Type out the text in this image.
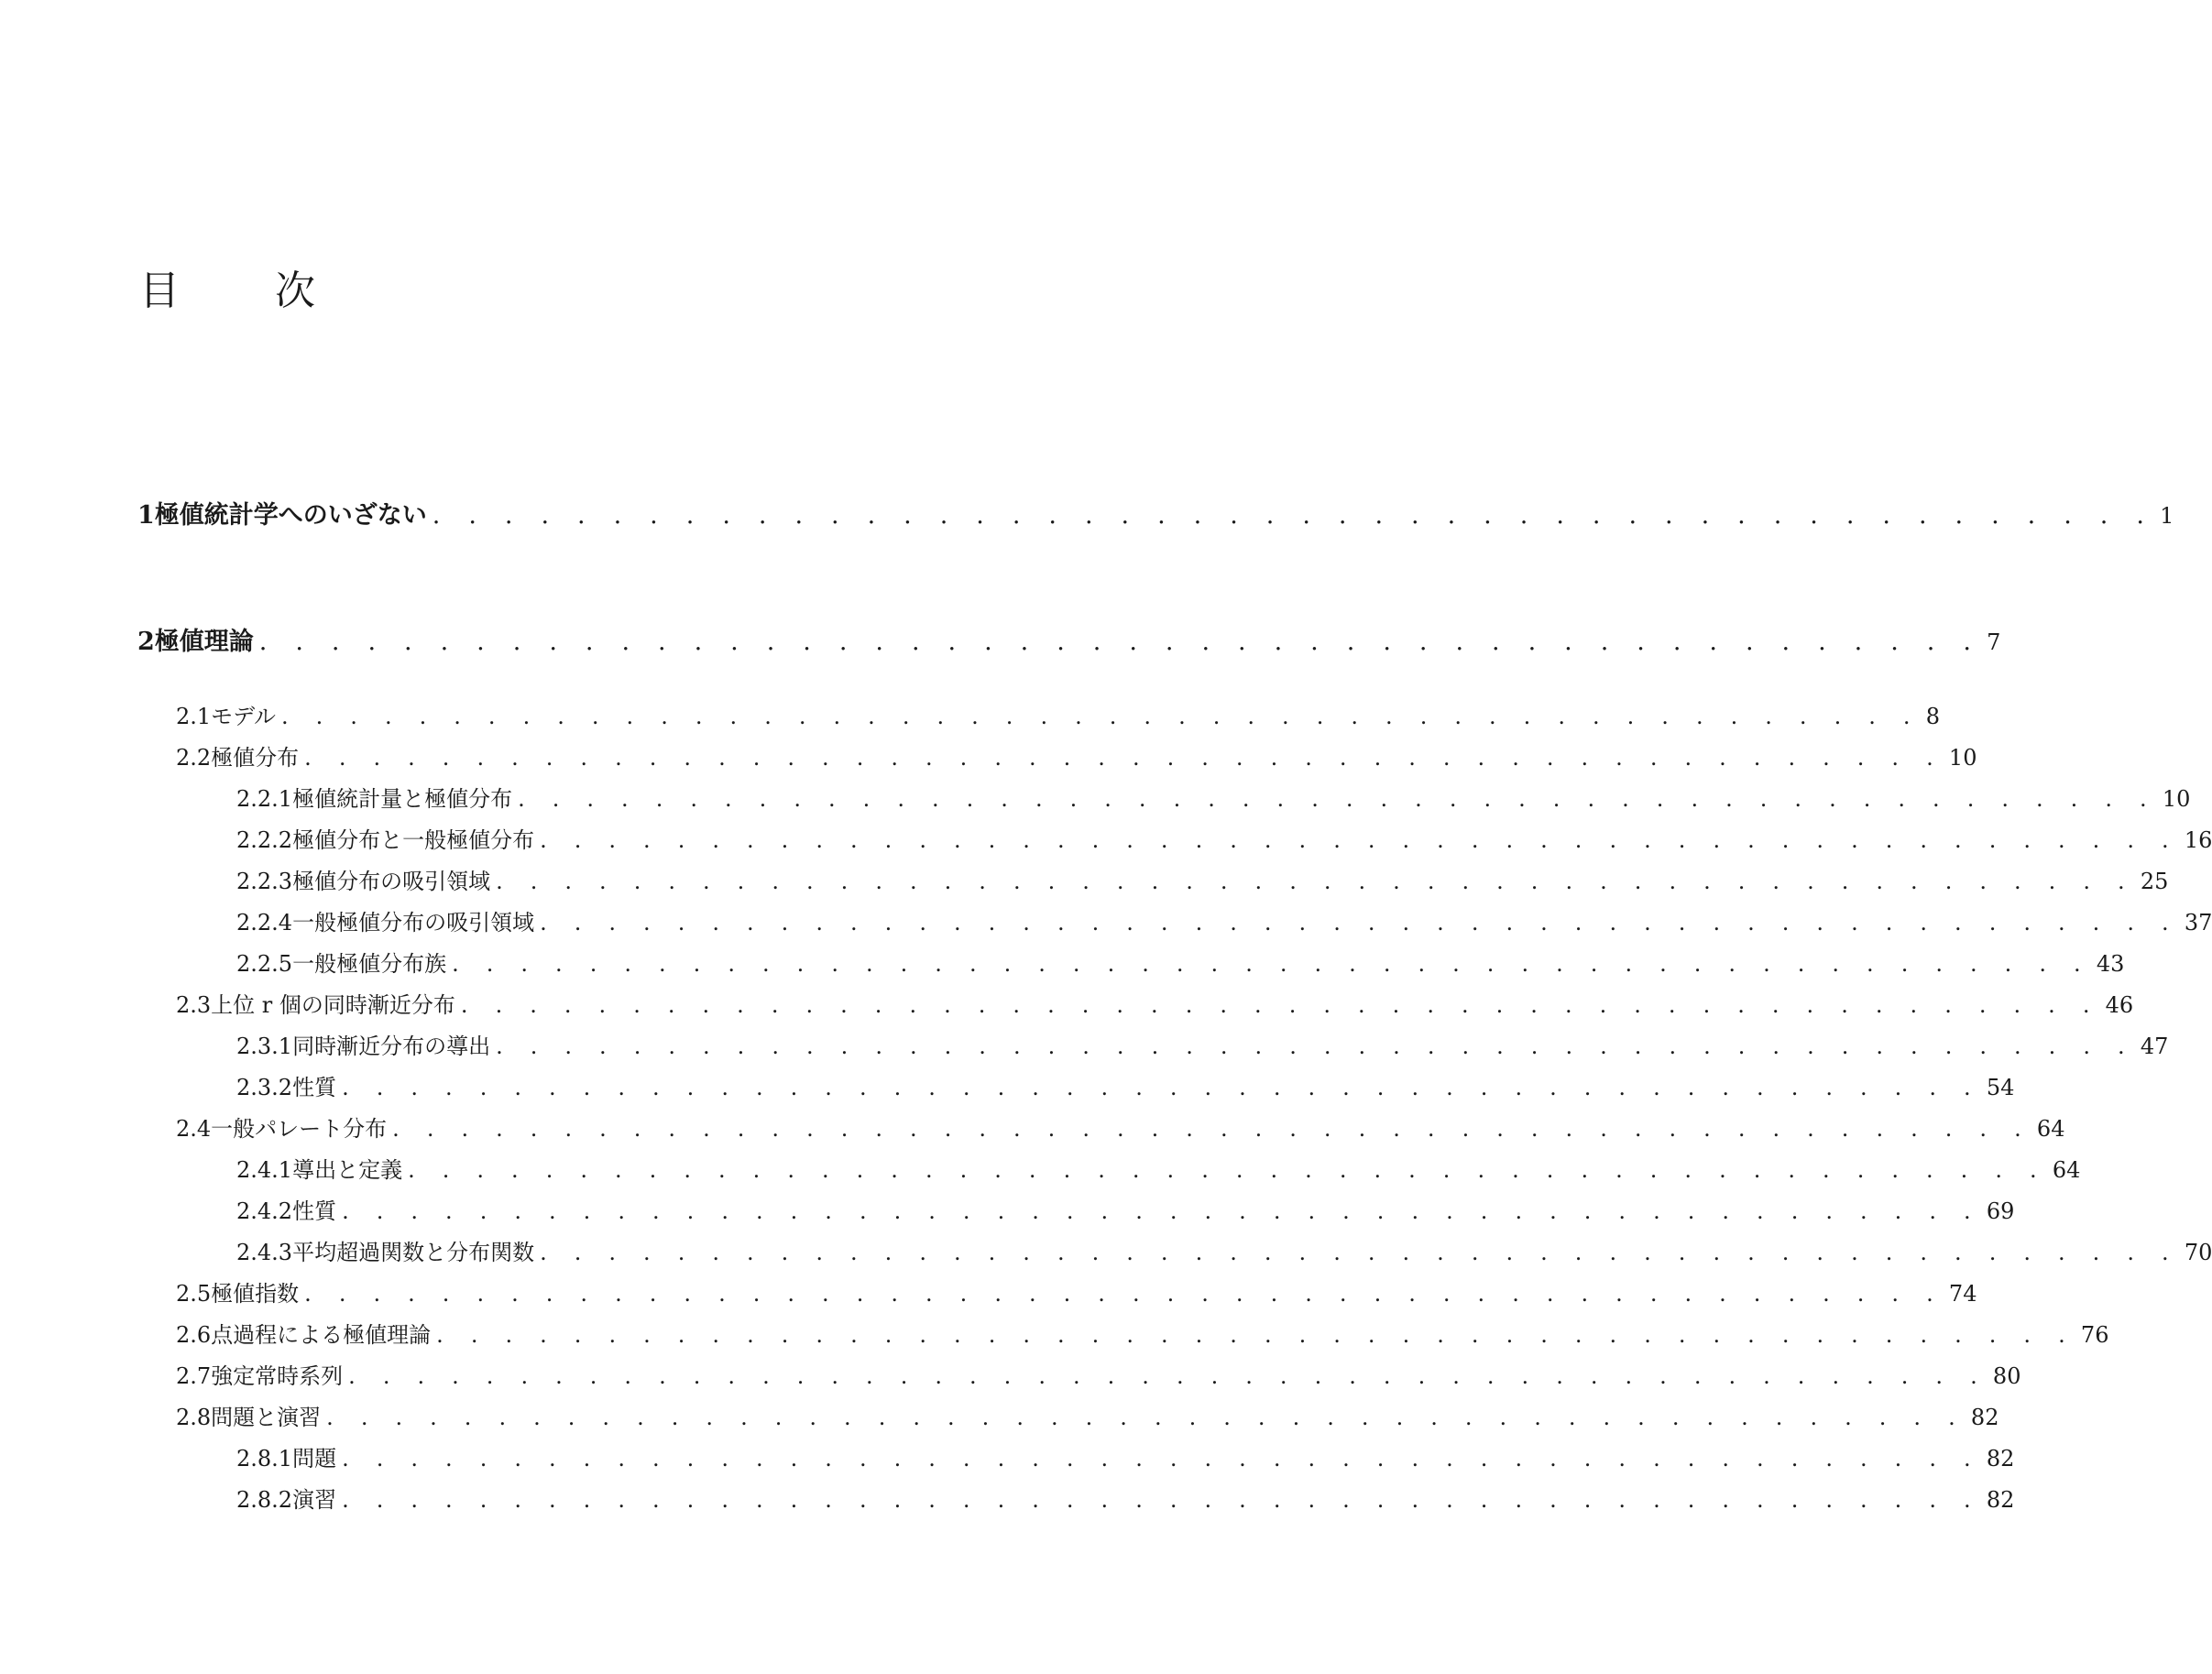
目　次
1 極値統計学へのいざない . . . . . . . . . . . . . . . . . . . . . . . . . . . . . . . . . . . . . . . . . . . . . . . . 1
2 極値理論 . . . . . . . . . . . . . . . . . . . . . . . . . . . . . . . . . . . . . . . . . . . . . . . . 7
2.1 モデル . . . . . . . . . . . . . . . . . . . . . . . . . . . . . . . . . . . . . . . . . . . . . . . . 8
2.2 極値分布 . . . . . . . . . . . . . . . . . . . . . . . . . . . . . . . . . . . . . . . . . . . . . . . . 10
2.2.1 極値統計量と極値分布 . . . . . . . . . . . . . . . . . . . . . . . . . . . . . . . . . . . . . . . . . . . . . . . . 10
2.2.2 極値分布と一般極値分布 . . . . . . . . . . . . . . . . . . . . . . . . . . . . . . . . . . . . . . . . . . . . . . . . 16
2.2.3 極値分布の吸引領域 . . . . . . . . . . . . . . . . . . . . . . . . . . . . . . . . . . . . . . . . . . . . . . . . 25
2.2.4 一般極値分布の吸引領域 . . . . . . . . . . . . . . . . . . . . . . . . . . . . . . . . . . . . . . . . . . . . . . . . 37
2.2.5 一般極値分布族 . . . . . . . . . . . . . . . . . . . . . . . . . . . . . . . . . . . . . . . . . . . . . . . . 43
2.3 上位 r 個の同時漸近分布 . . . . . . . . . . . . . . . . . . . . . . . . . . . . . . . . . . . . . . . . . . . . . . . . 46
2.3.1 同時漸近分布の導出 . . . . . . . . . . . . . . . . . . . . . . . . . . . . . . . . . . . . . . . . . . . . . . . . 47
2.3.2 性質 . . . . . . . . . . . . . . . . . . . . . . . . . . . . . . . . . . . . . . . . . . . . . . . . 54
2.4 一般パレート分布 . . . . . . . . . . . . . . . . . . . . . . . . . . . . . . . . . . . . . . . . . . . . . . . . 64
2.4.1 導出と定義 . . . . . . . . . . . . . . . . . . . . . . . . . . . . . . . . . . . . . . . . . . . . . . . . 64
2.4.2 性質 . . . . . . . . . . . . . . . . . . . . . . . . . . . . . . . . . . . . . . . . . . . . . . . . 69
2.4.3 平均超過関数と分布関数 . . . . . . . . . . . . . . . . . . . . . . . . . . . . . . . . . . . . . . . . . . . . . . . . 70
2.5 極値指数 . . . . . . . . . . . . . . . . . . . . . . . . . . . . . . . . . . . . . . . . . . . . . . . . 74
2.6 点過程による極値理論 . . . . . . . . . . . . . . . . . . . . . . . . . . . . . . . . . . . . . . . . . . . . . . . . 76
2.7 強定常時系列 . . . . . . . . . . . . . . . . . . . . . . . . . . . . . . . . . . . . . . . . . . . . . . . . 80
2.8 問題と演習 . . . . . . . . . . . . . . . . . . . . . . . . . . . . . . . . . . . . . . . . . . . . . . . . 82
2.8.1 問題 . . . . . . . . . . . . . . . . . . . . . . . . . . . . . . . . . . . . . . . . . . . . . . . . 82
2.8.2 演習 . . . . . . . . . . . . . . . . . . . . . . . . . . . . . . . . . . . . . . . . . . . . . . . . 82
